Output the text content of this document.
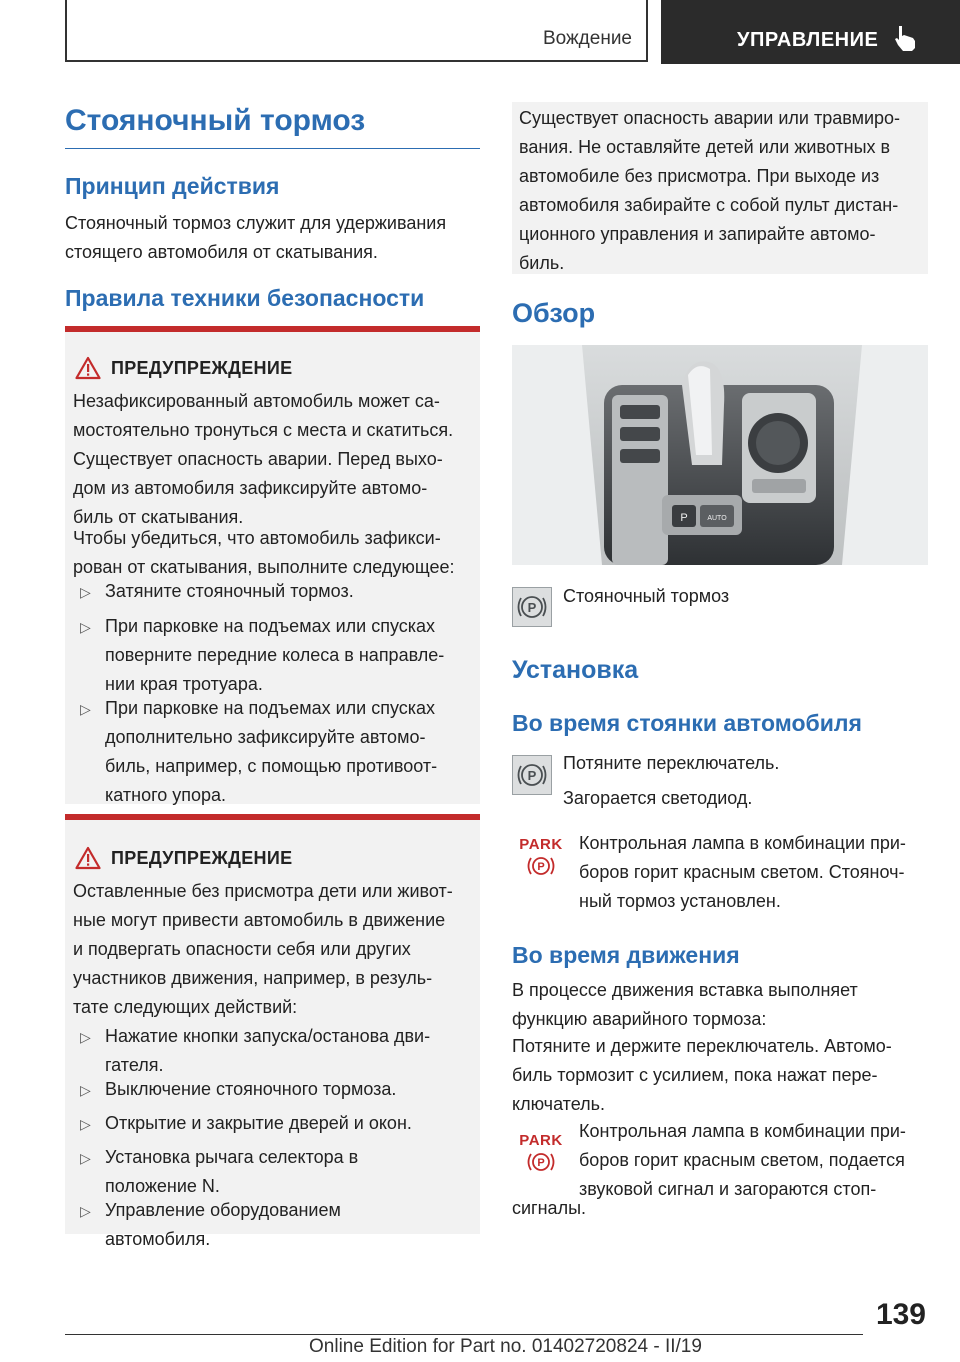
Вождение	УПРАВЛЕНИЕ
Стояночный тормоз
Принцип действия
Стояночный тормоз служит для удерживания
стоящего автомобиля от скатывания.
Правила техники безопасности
ПРЕДУПРЕЖДЕНИЕ
Незафиксированный автомобиль может са-
мостоятельно тронуться с места и скатиться.
Существует опасность аварии. Перед выхо-
дом из автомобиля зафиксируйте автомо-
биль от скатывания.
Чтобы убедиться, что автомобиль зафикси-
рован от скатывания, выполните следующее:
▷ Затяните стояночный тормоз.
▷ При парковке на подъемах или спусках
поверните передние колеса в направле-
нии края тротуара.
▷ При парковке на подъемах или спусках
дополнительно зафиксируйте автомо-
биль, например, с помощью противоот-
катного упора.
ПРЕДУПРЕЖДЕНИЕ
Оставленные без присмотра дети или живот-
ные могут привести автомобиль в движение
и подвергать опасности себя или других
участников движения, например, в резуль-
тате следующих действий:
▷ Нажатие кнопки запуска/останова дви-
гателя.
▷ Выключение стояночного тормоза.
▷ Открытие и закрытие дверей и окон.
▷ Установка рычага селектора в
положение N.
▷ Управление оборудованием
автомобиля.
Существует опасность аварии или травмиро-
вания. Не оставляйте детей или животных в
автомобиле без присмотра. При выходе из
автомобиля забирайте с собой пульт дистан-
ционного управления и запирайте автомо-
биль.
Обзор
P	AUTO
P
Стояночный тормоз
Установка
Во время стоянки автомобиля
P
Потяните переключатель.
Загорается светодиод.
PARK
P
Контрольная лампа в комбинации при-
боров горит красным светом. Стояноч-
ный тормоз установлен.
Во время движения
В процессе движения вставка выполняет
функцию аварийного тормоза:
Потяните и держите переключатель. Автомо-
биль тормозит с усилием, пока нажат пере-
ключатель.
PARK
P
Контрольная лампа в комбинации при-
боров горит красным светом, подается
звуковой сигнал и загораются стоп-
сигналы.
139
Online Edition for Part no. 01402720824 - II/19
